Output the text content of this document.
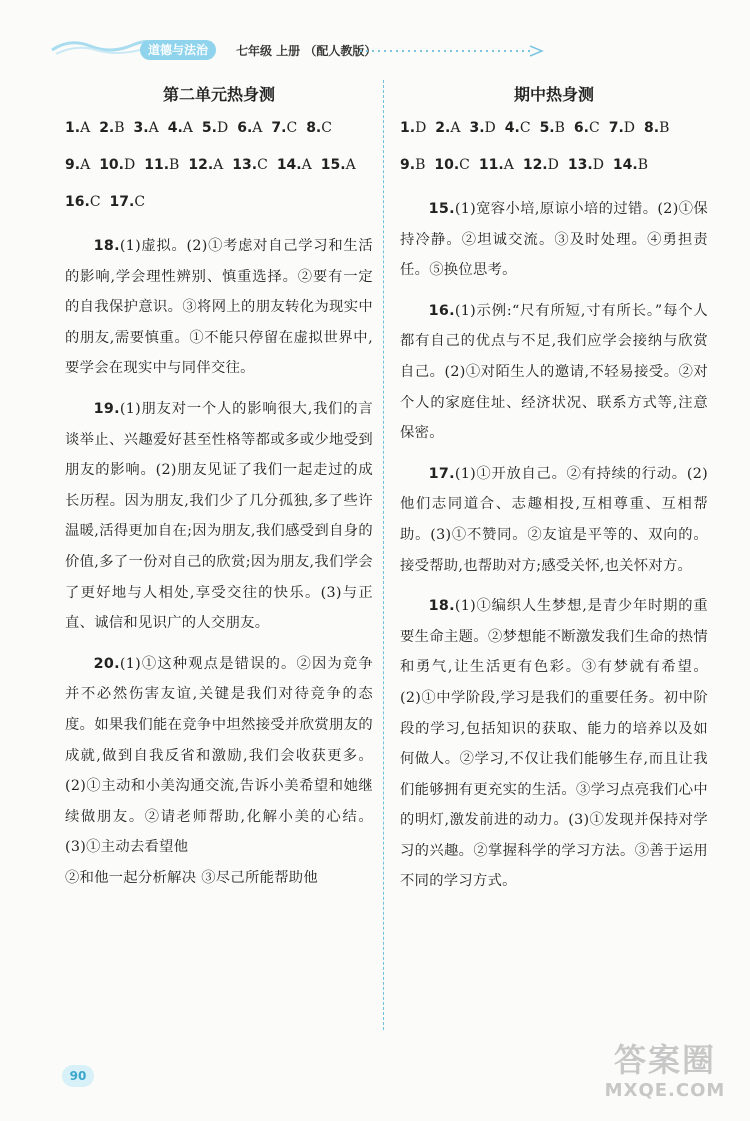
道德与法治	七年级 上册 （配人教版）
第二单元热身测
1.A 2.B 3.A 4.A 5.D 6.A 7.C 8.C
9.A 10.D 11.B 12.A 13.C 14.A 15.A
16.C 17.C

18.(1)虚拟。(2)①考虑对自己学习和生活的影响,学会理性辨别、慎重选择。②要有一定的自我保护意识。③将网上的朋友转化为现实中的朋友,需要慎重。①不能只停留在虚拟世界中,要学会在现实中与同伴交往。

19.(1)朋友对一个人的影响很大,我们的言谈举止、兴趣爱好甚至性格等都或多或少地受到朋友的影响。(2)朋友见证了我们一起走过的成长历程。因为朋友,我们少了几分孤独,多了些许温暖,活得更加自在;因为朋友,我们感受到自身的价值,多了一份对自己的欣赏;因为朋友,我们学会了更好地与人相处,享受交往的快乐。(3)与正直、诚信和见识广的人交朋友。

20.(1)①这种观点是错误的。②因为竞争并不必然伤害友谊,关键是我们对待竞争的态度。如果我们能在竞争中坦然接受并欣赏朋友的成就,做到自我反省和激励,我们会收获更多。(2)①主动和小美沟通交流,告诉小美希望和她继续做朋友。②请老师帮助,化解小美的心结。(3)①主动去看望他

②和他一起分析解决 ③尽己所能帮助他
期中热身测
1.D 2.A 3.D 4.C 5.B 6.C 7.D 8.B
9.B 10.C 11.A 12.D 13.D 14.B

15.(1)宽容小培,原谅小培的过错。(2)①保持冷静。②坦诚交流。③及时处理。④勇担责任。⑤换位思考。

16.(1)示例:“尺有所短,寸有所长。”每个人都有自己的优点与不足,我们应学会接纳与欣赏自己。(2)①对陌生人的邀请,不轻易接受。②对个人的家庭住址、经济状况、联系方式等,注意保密。

17.(1)①开放自己。②有持续的行动。(2)他们志同道合、志趣相投,互相尊重、互相帮助。(3)①不赞同。②友谊是平等的、双向的。接受帮助,也帮助对方;感受关怀,也关怀对方。

18.(1)①编织人生梦想,是青少年时期的重要生命主题。②梦想能不断激发我们生命的热情和勇气,让生活更有色彩。③有梦就有希望。(2)①中学阶段,学习是我们的重要任务。初中阶段的学习,包括知识的获取、能力的培养以及如何做人。②学习,不仅让我们能够生存,而且让我们能够拥有更充实的生活。③学习点亮我们心中的明灯,激发前进的动力。(3)①发现并保持对学习的兴趣。②掌握科学的学习方法。③善于运用不同的学习方式。

90	答案圈
MXQE.COM
